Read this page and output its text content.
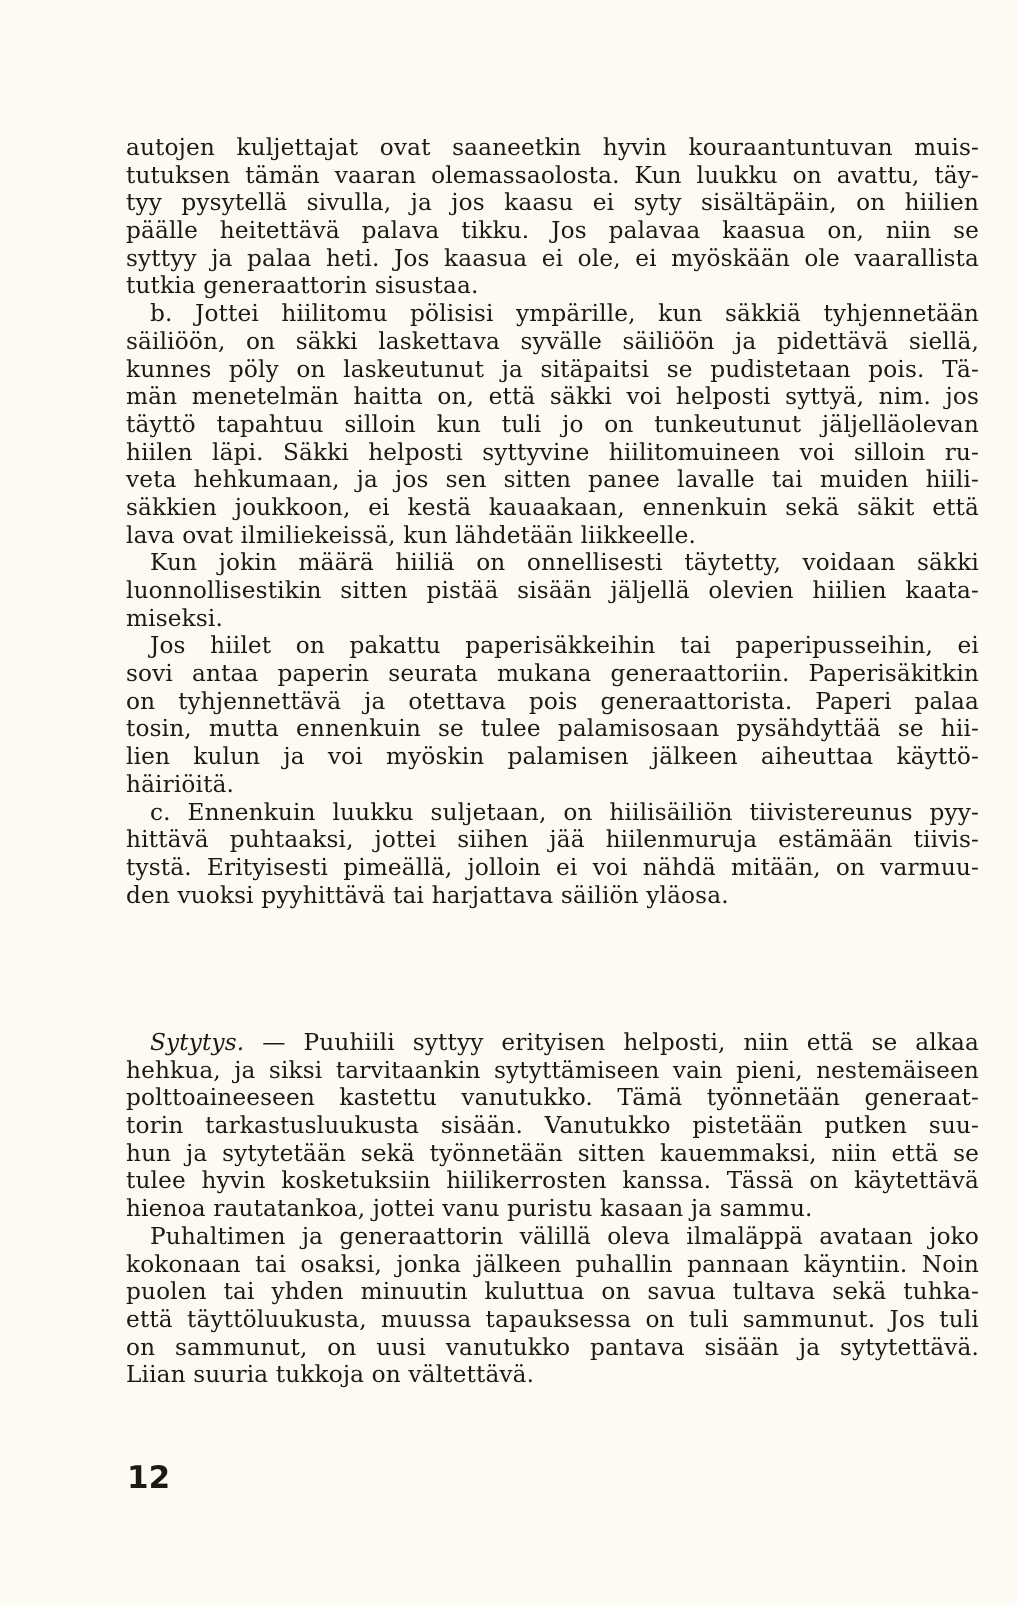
autojen kuljettajat ovat saaneetkin hyvin kouraantuntuvan muis-
tutuksen tämän vaaran olemassaolosta. Kun luukku on avattu, täy-
tyy pysytellä sivulla, ja jos kaasu ei syty sisältäpäin, on hiilien
päälle heitettävä palava tikku. Jos palavaa kaasua on, niin se
syttyy ja palaa heti. Jos kaasua ei ole, ei myöskään ole vaarallista
tutkia generaattorin sisustaa.
b. Jottei hiilitomu pölisisi ympärille, kun säkkiä tyhjennetään
säiliöön, on säkki laskettava syvälle säiliöön ja pidettävä siellä,
kunnes pöly on laskeutunut ja sitäpaitsi se pudistetaan pois. Tä-
män menetelmän haitta on, että säkki voi helposti syttyä, nim. jos
täyttö tapahtuu silloin kun tuli jo on tunkeutunut jäljelläolevan
hiilen läpi. Säkki helposti syttyvine hiilitomuineen voi silloin ru-
veta hehkumaan, ja jos sen sitten panee lavalle tai muiden hiili-
säkkien joukkoon, ei kestä kauaakaan, ennenkuin sekä säkit että
lava ovat ilmiliekeissä, kun lähdetään liikkeelle.
Kun jokin määrä hiiliä on onnellisesti täytetty, voidaan säkki
luonnollisestikin sitten pistää sisään jäljellä olevien hiilien kaata-
miseksi.
Jos hiilet on pakattu paperisäkkeihin tai paperipusseihin, ei
sovi antaa paperin seurata mukana generaattoriin. Paperisäkitkin
on tyhjennettävä ja otettava pois generaattorista. Paperi palaa
tosin, mutta ennenkuin se tulee palamisosaan pysähdyttää se hii-
lien kulun ja voi myöskin palamisen jälkeen aiheuttaa käyttö-
häiriöitä.
c. Ennenkuin luukku suljetaan, on hiilisäiliön tiivistereunus pyy-
hittävä puhtaaksi, jottei siihen jää hiilenmuruja estämään tiivis-
tystä. Erityisesti pimeällä, jolloin ei voi nähdä mitään, on varmuu-
den vuoksi pyyhittävä tai harjattava säiliön yläosa.
Sytytys. — Puuhiili syttyy erityisen helposti, niin että se alkaa
hehkua, ja siksi tarvitaankin sytyttämiseen vain pieni, nestemäiseen
polttoaineeseen kastettu vanutukko. Tämä työnnetään generaat-
torin tarkastusluukusta sisään. Vanutukko pistetään putken suu-
hun ja sytytetään sekä työnnetään sitten kauemmaksi, niin että se
tulee hyvin kosketuksiin hiilikerrosten kanssa. Tässä on käytettävä
hienoa rautatankoa, jottei vanu puristu kasaan ja sammu.
Puhaltimen ja generaattorin välillä oleva ilmaläppä avataan joko
kokonaan tai osaksi, jonka jälkeen puhallin pannaan käyntiin. Noin
puolen tai yhden minuutin kuluttua on savua tultava sekä tuhka-
että täyttöluukusta, muussa tapauksessa on tuli sammunut. Jos tuli
on sammunut, on uusi vanutukko pantava sisään ja sytytettävä.
Liian suuria tukkoja on vältettävä.
12
